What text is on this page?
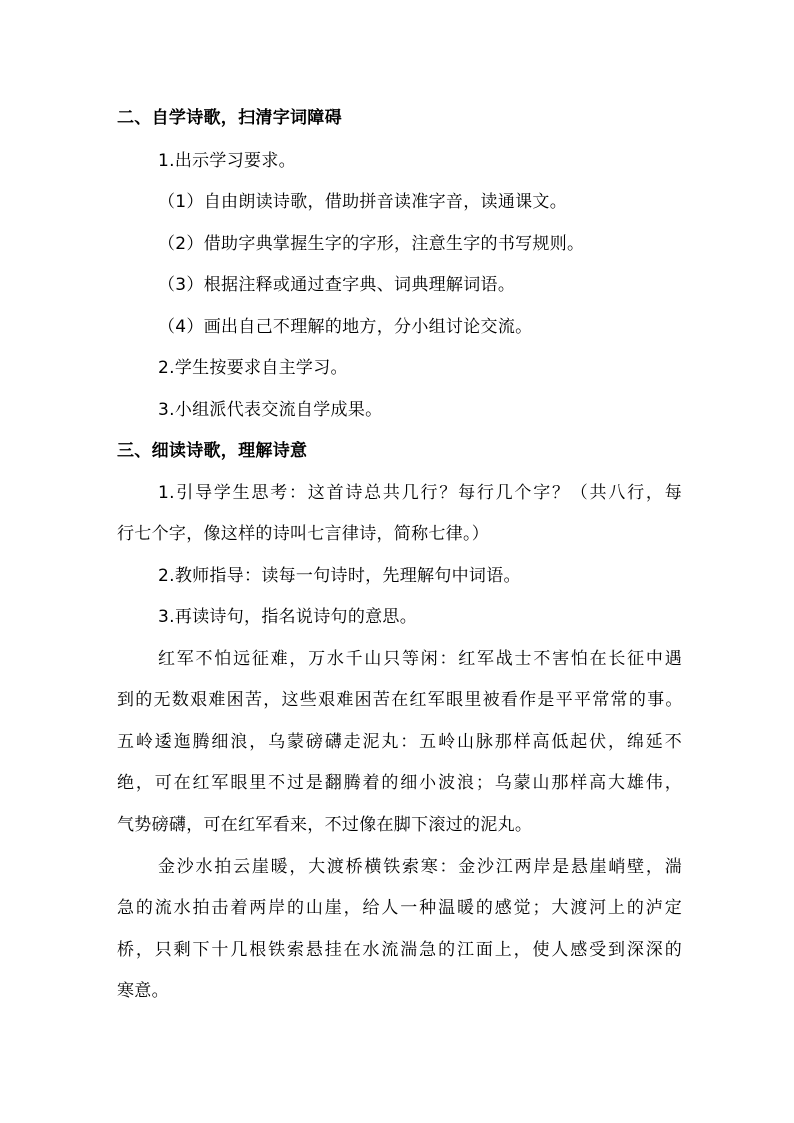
二、自学诗歌，扫清字词障碍
1.出示学习要求。
（1）自由朗读诗歌，借助拼音读准字音，读通课文。
（2）借助字典掌握生字的字形，注意生字的书写规则。
（3）根据注释或通过查字典、词典理解词语。
（4）画出自己不理解的地方，分小组讨论交流。
2.学生按要求自主学习。
3.小组派代表交流自学成果。
三、细读诗歌，理解诗意
1.引导学生思考：这首诗总共几行？每行几个字？（共八行，每
行七个字，像这样的诗叫七言律诗，简称七律。）
2.教师指导：读每一句诗时，先理解句中词语。
3.再读诗句，指名说诗句的意思。
红军不怕远征难，万水千山只等闲：红军战士不害怕在长征中遇
到的无数艰难困苦，这些艰难困苦在红军眼里被看作是平平常常的事。
五岭逶迤腾细浪，乌蒙磅礴走泥丸：五岭山脉那样高低起伏，绵延不
绝，可在红军眼里不过是翻腾着的细小波浪；乌蒙山那样高大雄伟，
气势磅礴，可在红军看来，不过像在脚下滚过的泥丸。
金沙水拍云崖暖，大渡桥横铁索寒：金沙江两岸是悬崖峭壁，湍
急的流水拍击着两岸的山崖，给人一种温暖的感觉；大渡河上的泸定
桥，只剩下十几根铁索悬挂在水流湍急的江面上，使人感受到深深的
寒意。
